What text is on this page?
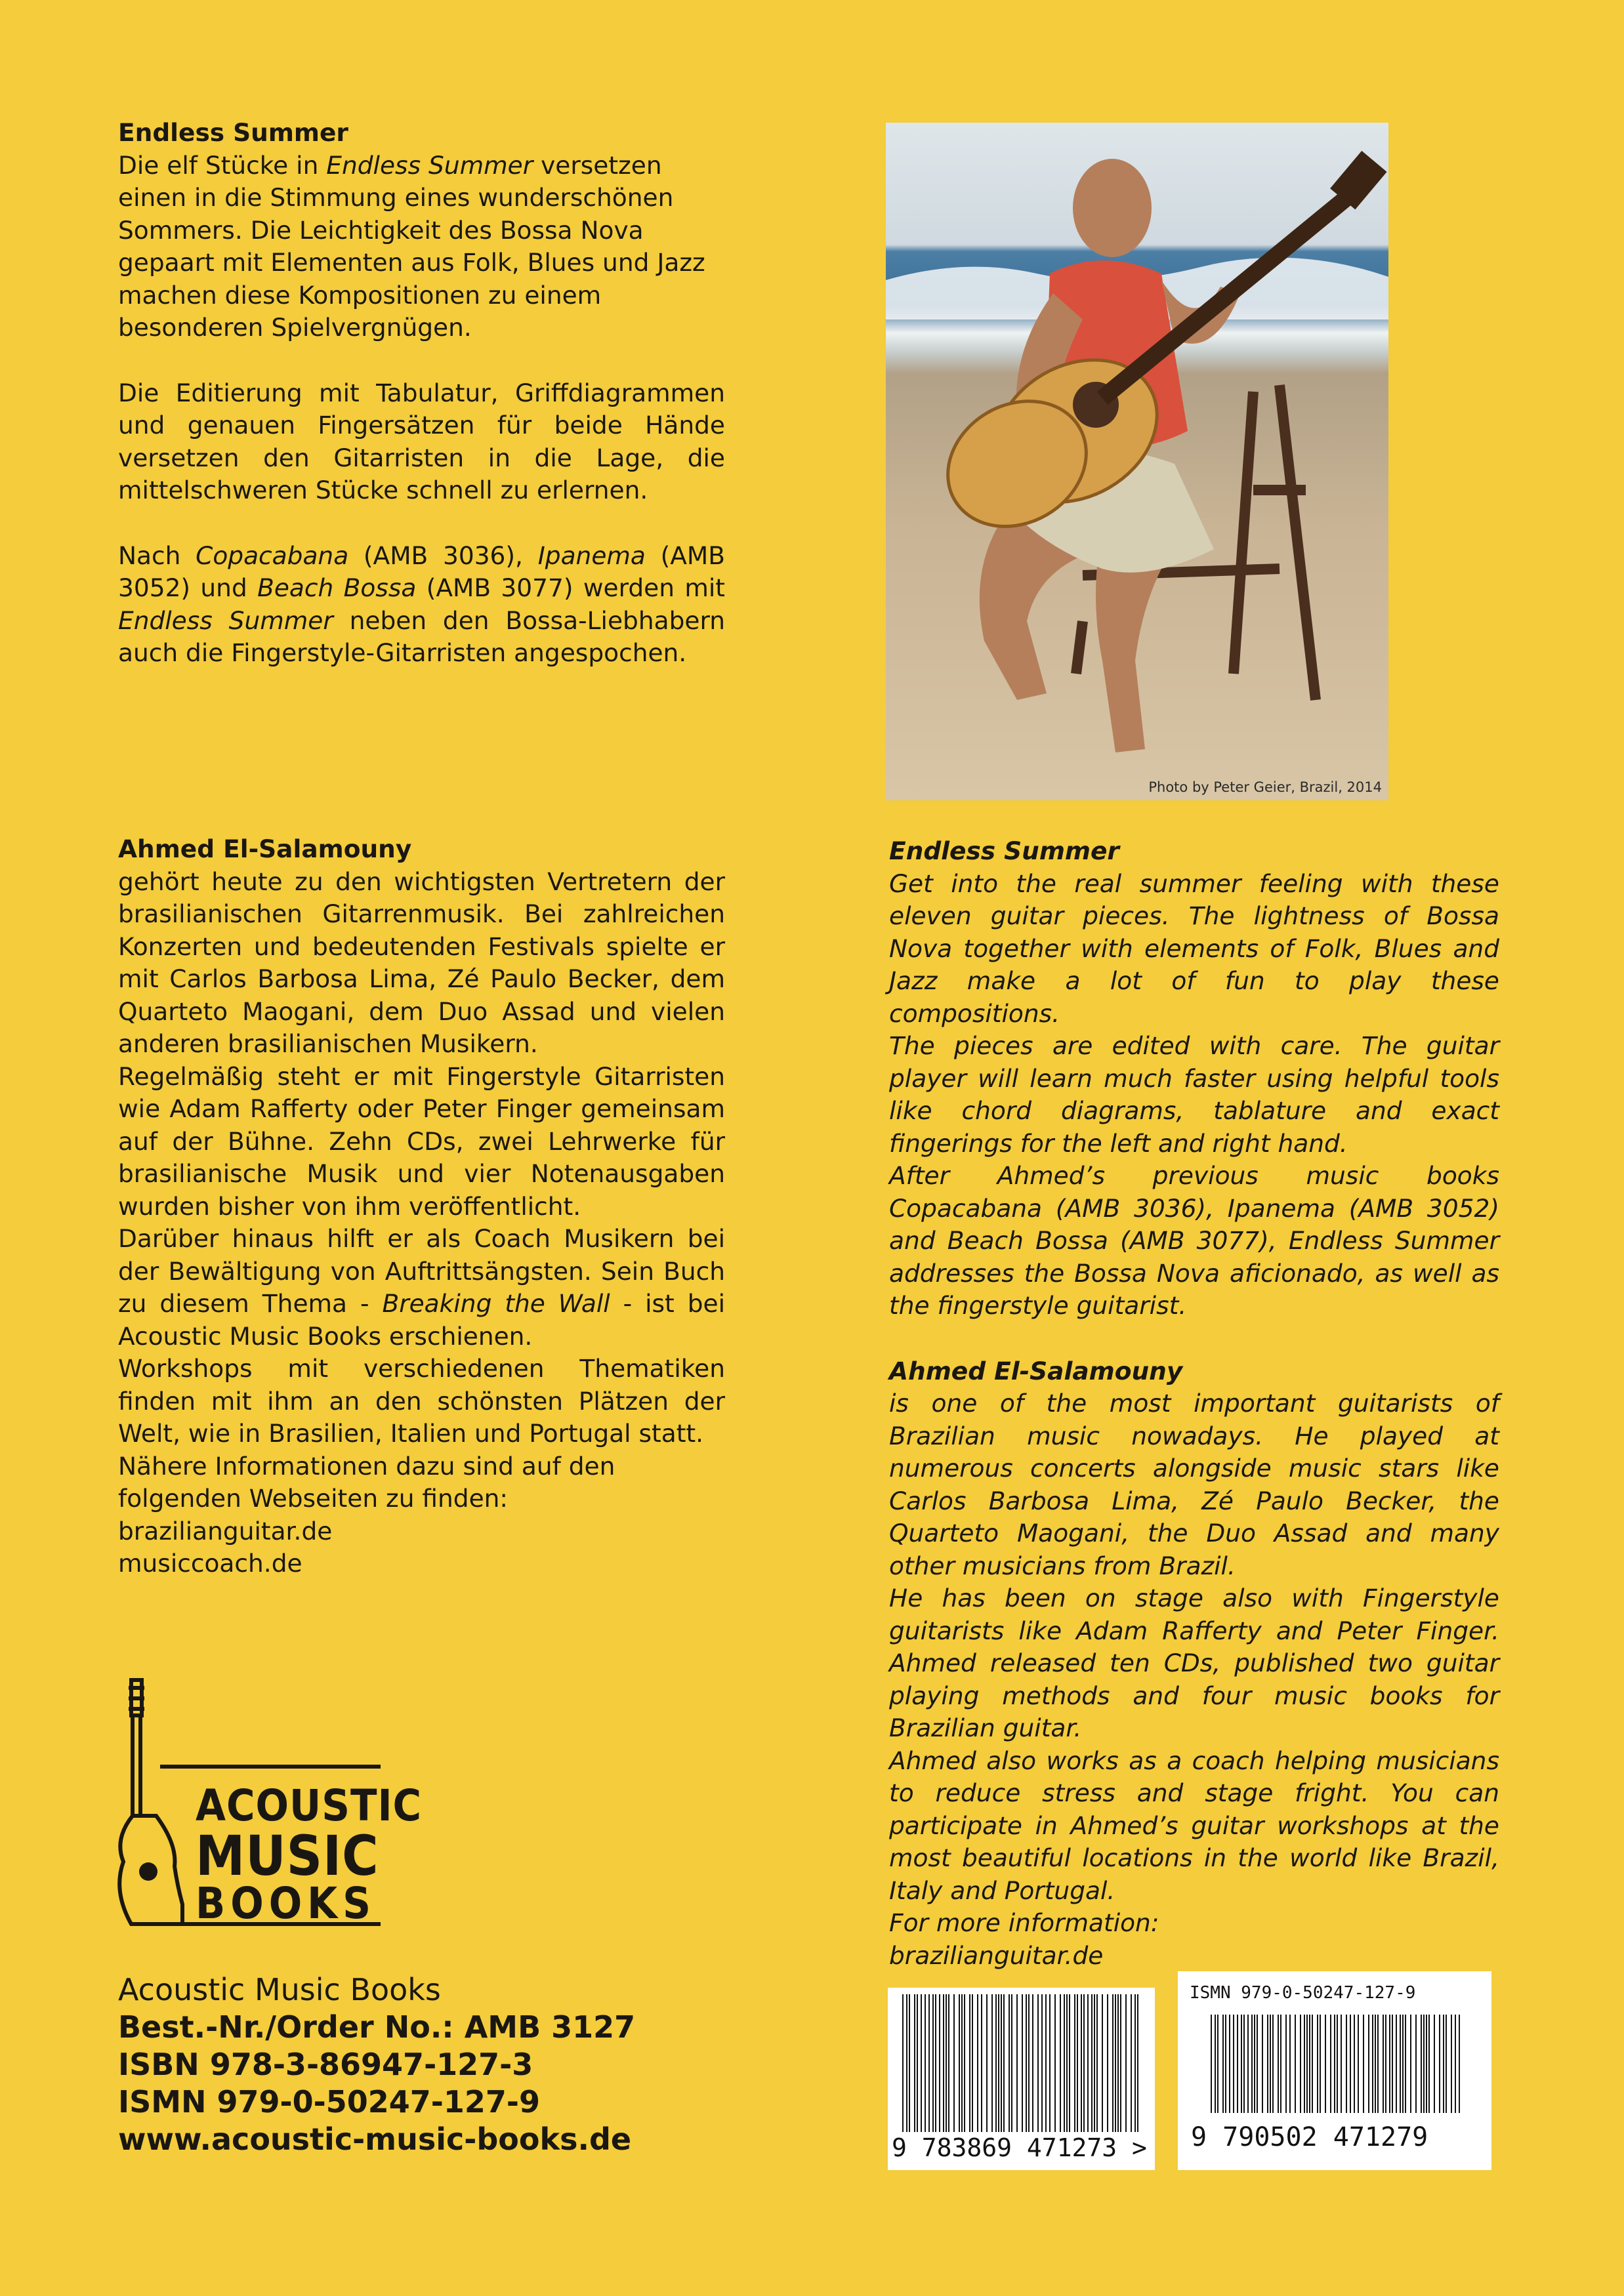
Endless Summer

Die elf Stücke in Endless Summer versetzen einen in die Stimmung eines wunderschönen Sommers. Die Leichtigkeit des Bossa Nova gepaart mit Elementen aus Folk, Blues und Jazz machen diese Kompositionen zu einem besonderen Spielvergnügen.

Die Editierung mit Tabulatur, Griffdiagrammen und genauen Fingersätzen für beide Hände versetzen den Gitarristen in die Lage, die mittelschweren Stücke schnell zu erlernen.

Nach Copacabana (AMB 3036), Ipanema (AMB 3052) und Beach Bossa (AMB 3077) werden mit Endless Summer neben den Bossa-Liebhabern auch die Fingerstyle-Gitarristen angespochen.

Photo by Peter Geier, Brazil, 2014
Ahmed El-Salamouny

gehört heute zu den wichtigsten Vertretern der brasilianischen Gitarrenmusik. Bei zahlreichen Konzerten und bedeutenden Festivals spielte er mit Carlos Barbosa Lima, Zé Paulo Becker, dem Quarteto Maogani, dem Duo Assad und vielen anderen brasilianischen Musikern.

Regelmäßig steht er mit Fingerstyle Gitarristen wie Adam Rafferty oder Peter Finger gemeinsam auf der Bühne. Zehn CDs, zwei Lehrwerke für brasilianische Musik und vier Notenausgaben wurden bisher von ihm veröffentlicht.

Darüber hinaus hilft er als Coach Musikern bei der Bewältigung von Auftrittsängsten. Sein Buch zu diesem Thema - Breaking the Wall - ist bei Acoustic Music Books erschienen.

Workshops mit verschiedenen Thematiken finden mit ihm an den schönsten Plätzen der Welt, wie in Brasilien, Italien und Portugal statt.

Nähere Informationen dazu sind auf den folgenden Webseiten zu finden:

brazilianguitar.de

musiccoach.de

Endless Summer

Get into the real summer feeling with these eleven guitar pieces. The lightness of Bossa Nova together with elements of Folk, Blues and Jazz make a lot of fun to play these compositions.

The pieces are edited with care. The guitar player will learn much faster using helpful tools like chord diagrams, tablature and exact fingerings for the left and right hand.

After Ahmed’s previous music books Copacabana (AMB 3036), Ipanema (AMB 3052) and Beach Bossa (AMB 3077), Endless Summer addresses the Bossa Nova aficionado, as well as the fingerstyle guitarist.

Ahmed El-Salamouny

is one of the most important guitarists of Brazilian music nowadays. He played at numerous concerts alongside music stars like Carlos Barbosa Lima, Zé Paulo Becker, the Quarteto Maogani, the Duo Assad and many other musicians from Brazil.

He has been on stage also with Fingerstyle guitarists like Adam Rafferty and Peter Finger. Ahmed released ten CDs, published two guitar playing methods and four music books for Brazilian guitar.

Ahmed also works as a coach helping musicians to reduce stress and stage fright. You can participate in Ahmed’s guitar workshops at the most beautiful locations in the world like Brazil, Italy and Portugal.

For more information:

brazilianguitar.de

ACOUSTIC
MUSIC
BOOKS
Acoustic Music Books
Best.-Nr./Order No.: AMB 3127
ISBN 978-3-86947-127-3
ISMN 979-0-50247-127-9
www.acoustic-music-books.de	9 783869 471273 >
ISMN 979-0-50247-127-9
9 790502 471279
